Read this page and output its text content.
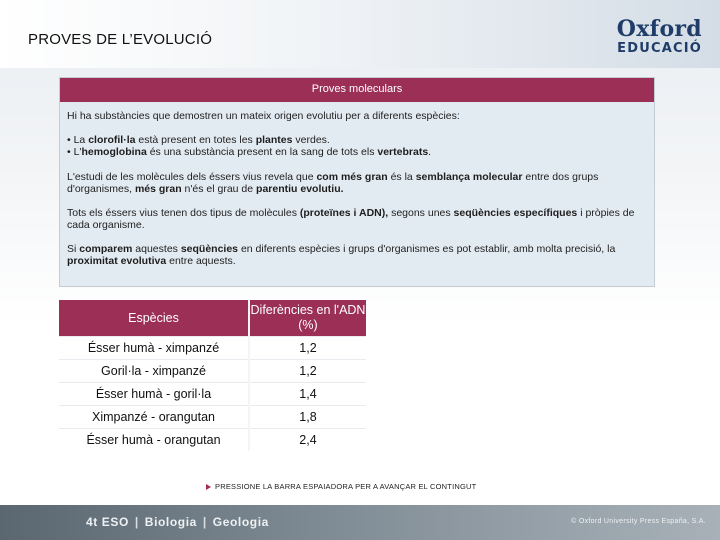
PROVES DE L’EVOLUCIÓ	Oxford
EDUCACIÓ
Proves moleculars

Hi ha substàncies que demostren un mateix origen evolutiu per a diferents espècies:

• La clorofil·la està present en totes les plantes verdes.
• L'hemoglobina és una substància present en la sang de tots els vertebrats.

L'estudi de les molècules dels éssers vius revela que com més gran és la semblança molecular entre dos grups d'organismes, més gran n'és el grau de parentiu evolutiu.

Tots els éssers vius tenen dos tipus de molècules (proteïnes i ADN), segons unes seqüències específiques i pròpies de cada organisme.

Si comparem aquestes seqüències en diferents espècies i grups d'organismes es pot establir, amb molta precisió, la proximitat evolutiva entre aquests.

Espècies	Diferències en l'ADN (%)
Ésser humà - ximpanzé	1,2
Goril·la - ximpanzé	1,2
Ésser humà - goril·la	1,4
Ximpanzé - orangutan	1,8
Ésser humà - orangutan	2,4
PRESSIONE LA BARRA ESPAIADORA PER A AVANÇAR EL CONTINGUT
4t ESO | Biologia | Geologia	© Oxford University Press España, S.A.
